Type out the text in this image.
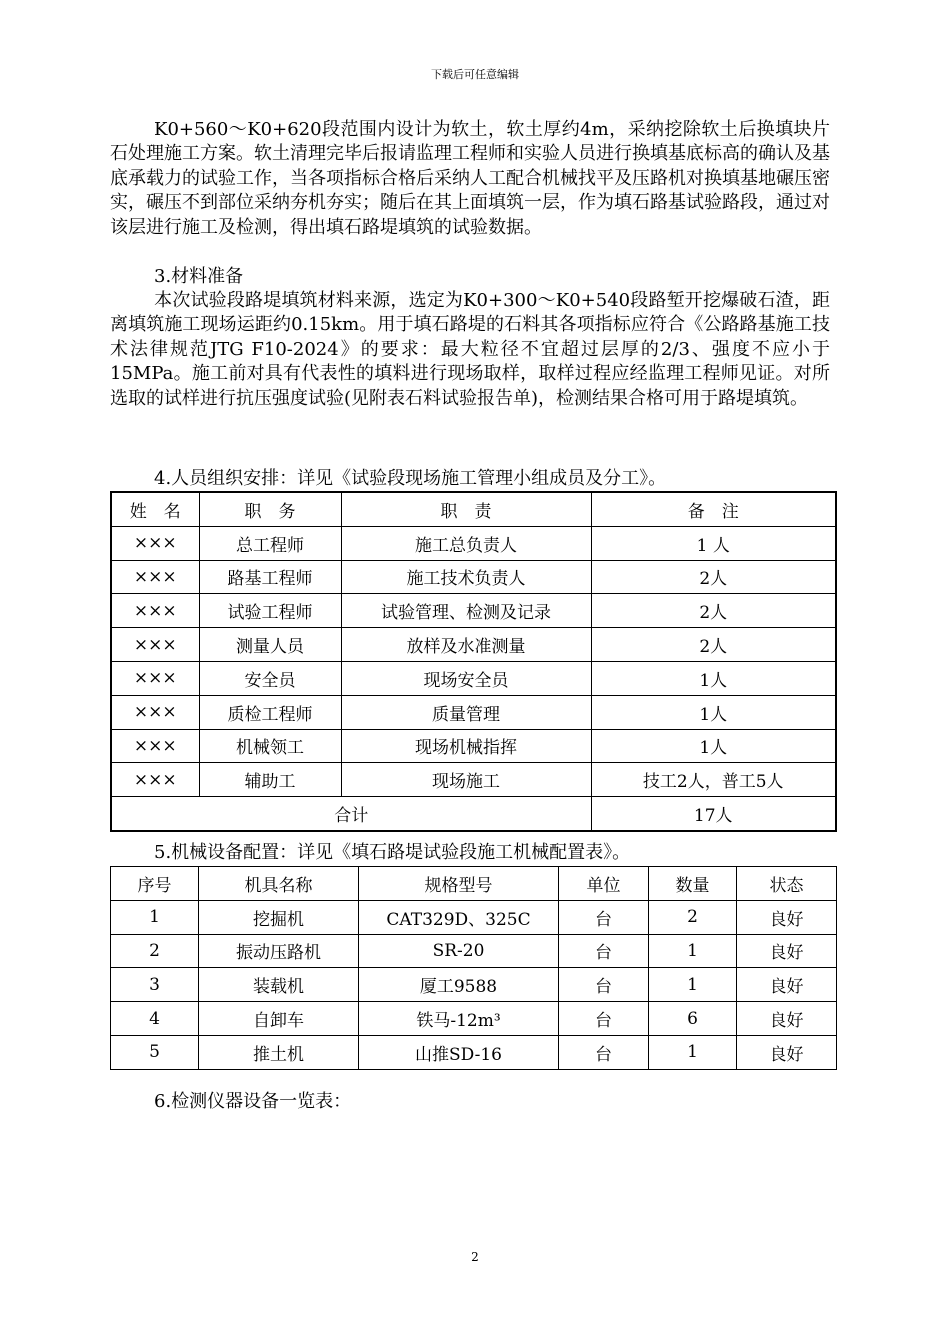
下载后可任意编辑
K0+560～K0+620段范围内设计为软土，软土厚约4m，采纳挖除软土后换填块片石处理施工方案。软土清理完毕后报请监理工程师和实验人员进行换填基底标高的确认及基底承载力的试验工作，当各项指标合格后采纳人工配合机械找平及压路机对换填基地碾压密实，碾压不到部位采纳夯机夯实；随后在其上面填筑一层，作为填石路基试验路段，通过对该层进行施工及检测，得出填石路堤填筑的试验数据。
3.材料准备
本次试验段路堤填筑材料来源，选定为K0+300～K0+540段路堑开挖爆破石渣，距离填筑施工现场运距约0.15km。用于填石路堤的石料其各项指标应符合《公路路基施工技术法律规范JTG F10-2024》的要求：最大粒径不宜超过层厚的2/3、强度不应小于15MPa。施工前对具有代表性的填料进行现场取样，取样过程应经监理工程师见证。对所选取的试样进行抗压强度试验(见附表石料试验报告单)，检测结果合格可用于路堤填筑。
4.人员组织安排：详见《试验段现场施工管理小组成员及分工》。
姓　名	职　务	职　责	备　注
×××	总工程师	施工总负责人	1 人
×××	路基工程师	施工技术负责人	2人
×××	试验工程师	试验管理、检测及记录	2人
×××	测量人员	放样及水准测量	2人
×××	安全员	现场安全员	1人
×××	质检工程师	质量管理	1人
×××	机械领工	现场机械指挥	1人
×××	辅助工	现场施工	技工2人，普工5人
合计			17人
5.机械设备配置：详见《填石路堤试验段施工机械配置表》。
序号	机具名称	规格型号	单位	数量	状态
1	挖掘机	CAT329D、325C	台	2	良好
2	振动压路机	SR-20	台	1	良好
3	装载机	厦工9588	台	1	良好
4	自卸车	铁马-12m³	台	6	良好
5	推土机	山推SD-16	台	1	良好
6.检测仪器设备一览表：
2
